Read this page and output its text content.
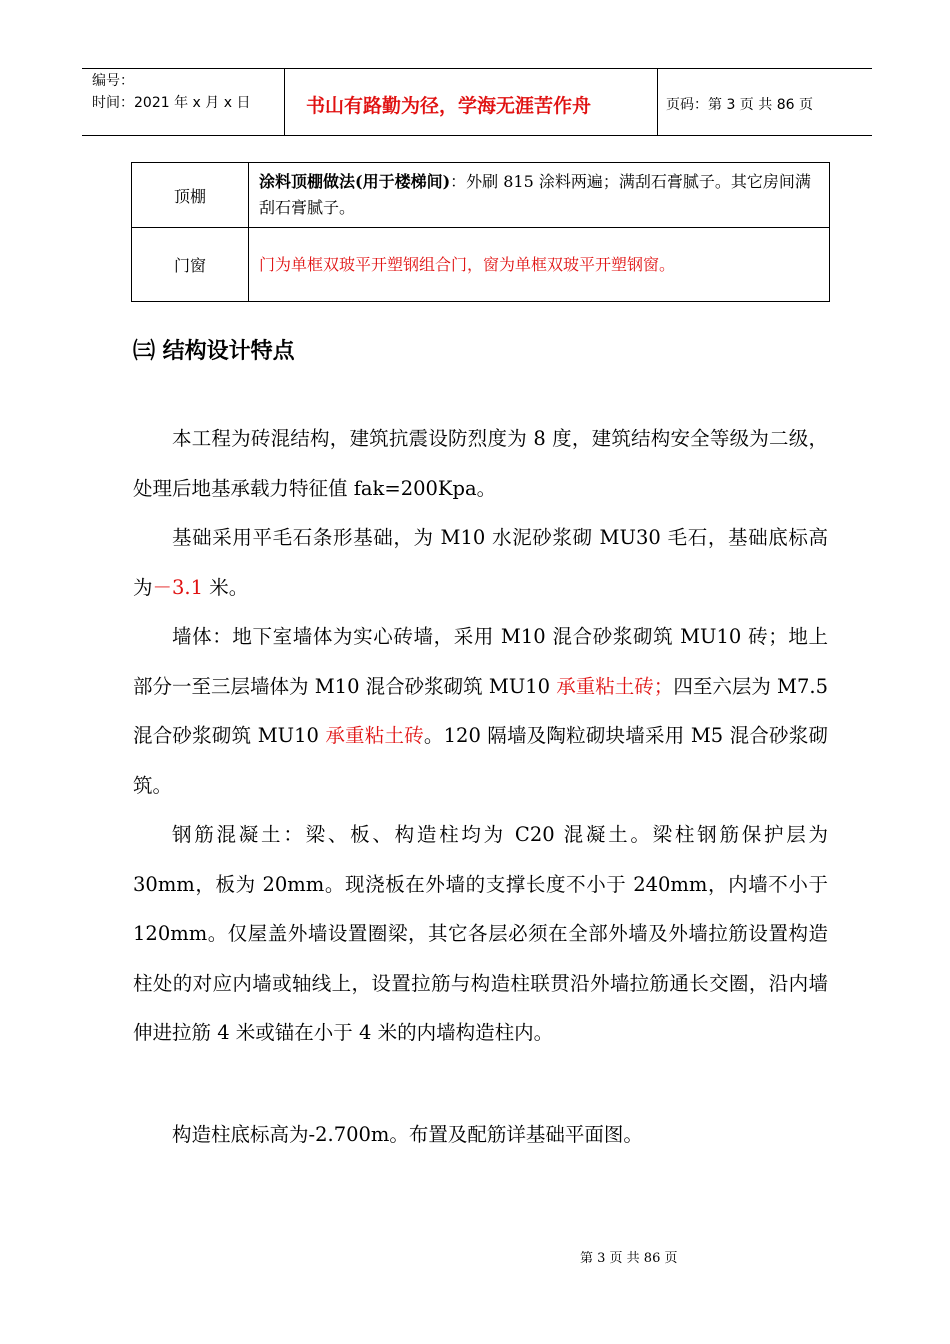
编号：
时间：2021 年 x 月 x 日	书山有路勤为径，学海无涯苦作舟	页码：第 3 页 共 86 页
顶棚	涂料顶棚做法(用于楼梯间)：外刷 815 涂料两遍；满刮石膏腻子。其它房间满刮石膏腻子。
门窗	门为单框双玻平开塑钢组合门，窗为单框双玻平开塑钢窗。
㈢ 结构设计特点
本工程为砖混结构，建筑抗震设防烈度为 8 度，建筑结构安全等级为二级，处理后地基承载力特征值 fak=200Kpa。
基础采用平毛石条形基础，为 M10 水泥砂浆砌 MU30 毛石，基础底标高为－3.1 米。
墙体：地下室墙体为实心砖墙，采用 M10 混合砂浆砌筑 MU10 砖；地上部分一至三层墙体为 M10 混合砂浆砌筑 MU10 承重粘土砖；四至六层为 M7.5 混合砂浆砌筑 MU10 承重粘土砖。120 隔墙及陶粒砌块墙采用 M5 混合砂浆砌筑。
钢筋混凝土：梁、板、构造柱均为 C20 混凝土。梁柱钢筋保护层为 30mm，板为 20mm。现浇板在外墙的支撑长度不小于 240mm，内墙不小于 120mm。仅屋盖外墙设置圈梁，其它各层必须在全部外墙及外墙拉筋设置构造柱处的对应内墙或轴线上，设置拉筋与构造柱联贯沿外墙拉筋通长交圈，沿内墙伸进拉筋 4 米或锚在小于 4 米的内墙构造柱内。
构造柱底标高为-2.700m。布置及配筋详基础平面图。
第 3 页 共 86 页
